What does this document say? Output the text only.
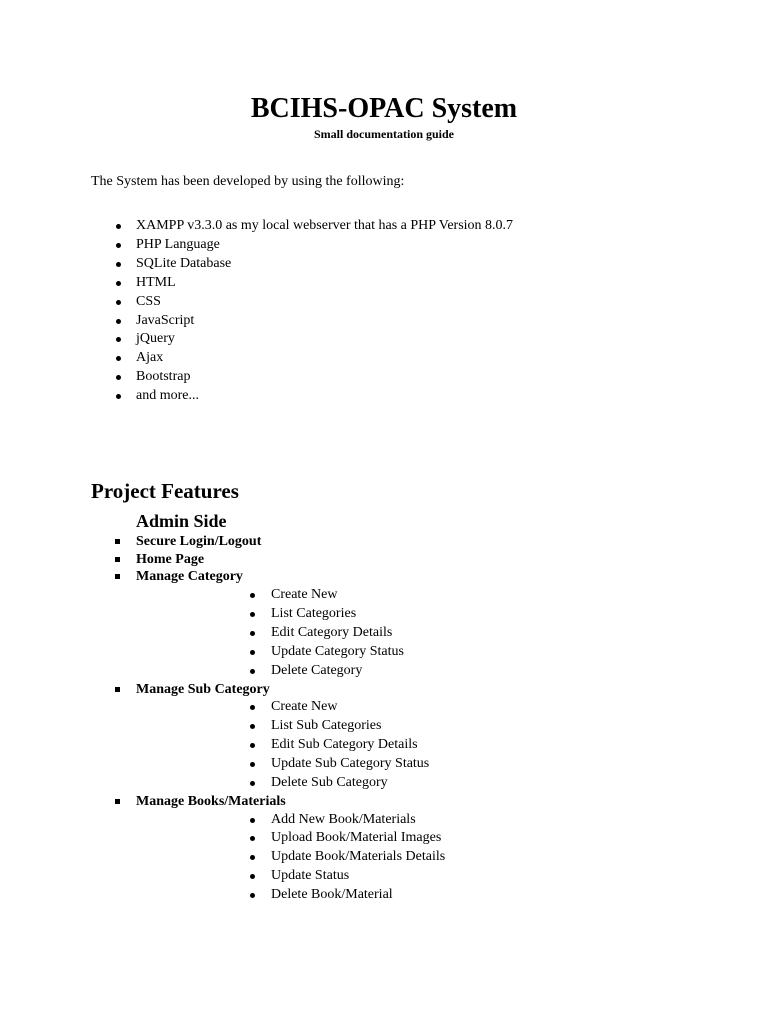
BCIHS-OPAC System
Small documentation guide

The System has been developed by using the following:

XAMPP v3.3.0 as my local webserver that has a PHP Version 8.0.7
PHP Language
SQLite Database
HTML
CSS
JavaScript
jQuery
Ajax
Bootstrap
and more...
Project Features
Admin Side
Secure Login/Logout
Home Page
Manage Category
Create New
List Categories
Edit Category Details
Update Category Status
Delete Category
Manage Sub Category
Create New
List Sub Categories
Edit Sub Category Details
Update Sub Category Status
Delete Sub Category
Manage Books/Materials
Add New Book/Materials
Upload Book/Material Images
Update Book/Materials Details
Update Status
Delete Book/Material
